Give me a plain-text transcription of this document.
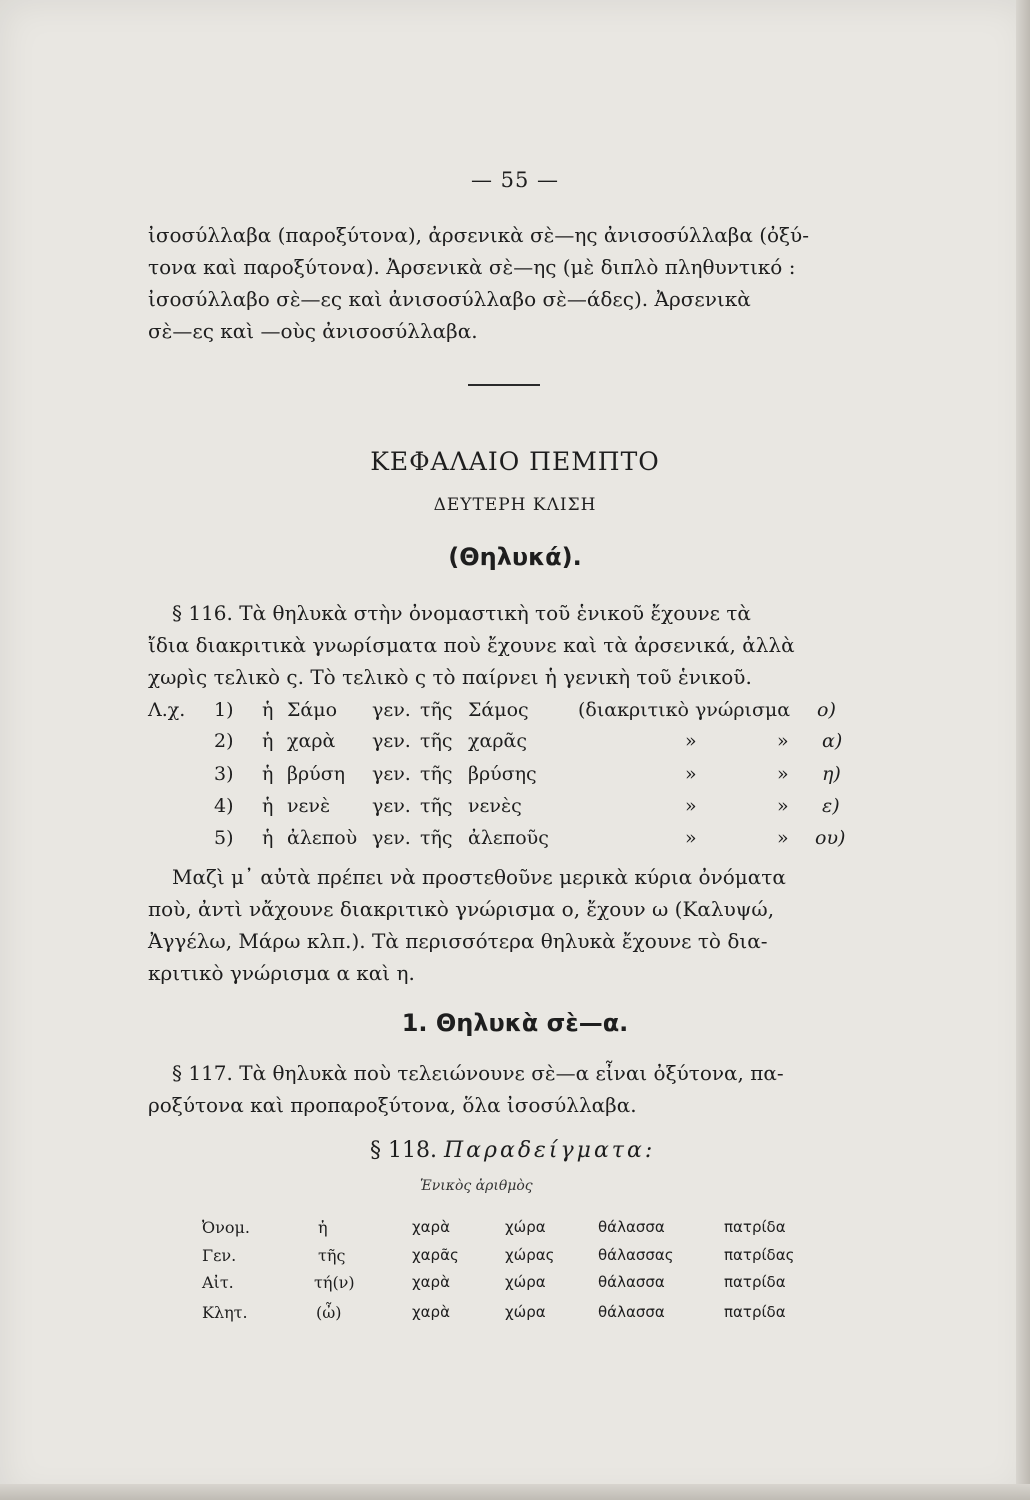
— 55 —
ἰσοσύλλαβα (παροξύτονα), ἀρσενικὰ σὲ—ης ἀνισοσύλλαβα (ὀξύ-
τονα καὶ παροξύτονα). Ἀρσενικὰ σὲ—ης (μὲ διπλὸ πληθυντικό :
ἰσοσύλλαβο σὲ—ες καὶ ἀνισοσύλλαβο σὲ—άδες). Ἀρσενικὰ
σὲ—ες καὶ —οὺς ἀνισοσύλλαβα.
ΚΕΦΑΛΑΙΟ ΠΕΜΠΤΟ
ΔΕΥΤΕΡΗ ΚΛΙΣΗ
(Θηλυκά).
§ 116. Τὰ θηλυκὰ στὴν ὀνομαστικὴ τοῦ ἑνικοῦ ἔχουνε τὰ
ἴδια διακριτικὰ γνωρίσματα ποὺ ἔχουνε καὶ τὰ ἀρσενικά, ἀλλὰ
χωρὶς τελικὸ ς. Τὸ τελικὸ ς τὸ παίρνει ἡ γενικὴ τοῦ ἑνικοῦ.
Λ.χ. 1) ἡ Σάμο γεν. τῆς Σάμος	(διακριτικὸ γνώρισμα ο)
2) ἡ χαρὰ γεν. τῆς χαρᾶς	»	» α)
3) ἡ βρύση γεν. τῆς βρύσης	»	» η)
4) ἡ νενὲ γεν. τῆς νενὲς	»	» ε)
5) ἡ ἀλεποὺ γεν. τῆς ἀλεποῦς	»	» ου)
Μαζὶ μ᾽ αὐτὰ πρέπει νὰ προστεθοῦνε μερικὰ κύρια ὀνόματα
ποὺ, ἀντὶ νἄχουνε διακριτικὸ γνώρισμα ο, ἔχουν ω (Καλυψώ,
Ἀγγέλω, Μάρω κλπ.). Τὰ περισσότερα θηλυκὰ ἔχουνε τὸ δια-
κριτικὸ γνώρισμα α καὶ η.
1. Θηλυκὰ σὲ—α.
§ 117. Τὰ θηλυκὰ ποὺ τελειώνουνε σὲ—α εἶναι ὀξύτονα, πα-
ροξύτονα καὶ προπαροξύτονα, ὅλα ἰσοσύλλαβα.
§ 118. Παραδείγματα:
Ἑνικὸς ἀριθμὸς
Ὀνομ.	ἡ	χαρὰ	χώρα	θάλασσα	πατρίδα
Γεν.	τῆς	χαρᾶς	χώρας	θάλασσας	πατρίδας
Αἰτ.	τή(ν)	χαρὰ	χώρα	θάλασσα	πατρίδα
Κλητ.	(ὦ)	χαρὰ	χώρα	θάλασσα	πατρίδα
